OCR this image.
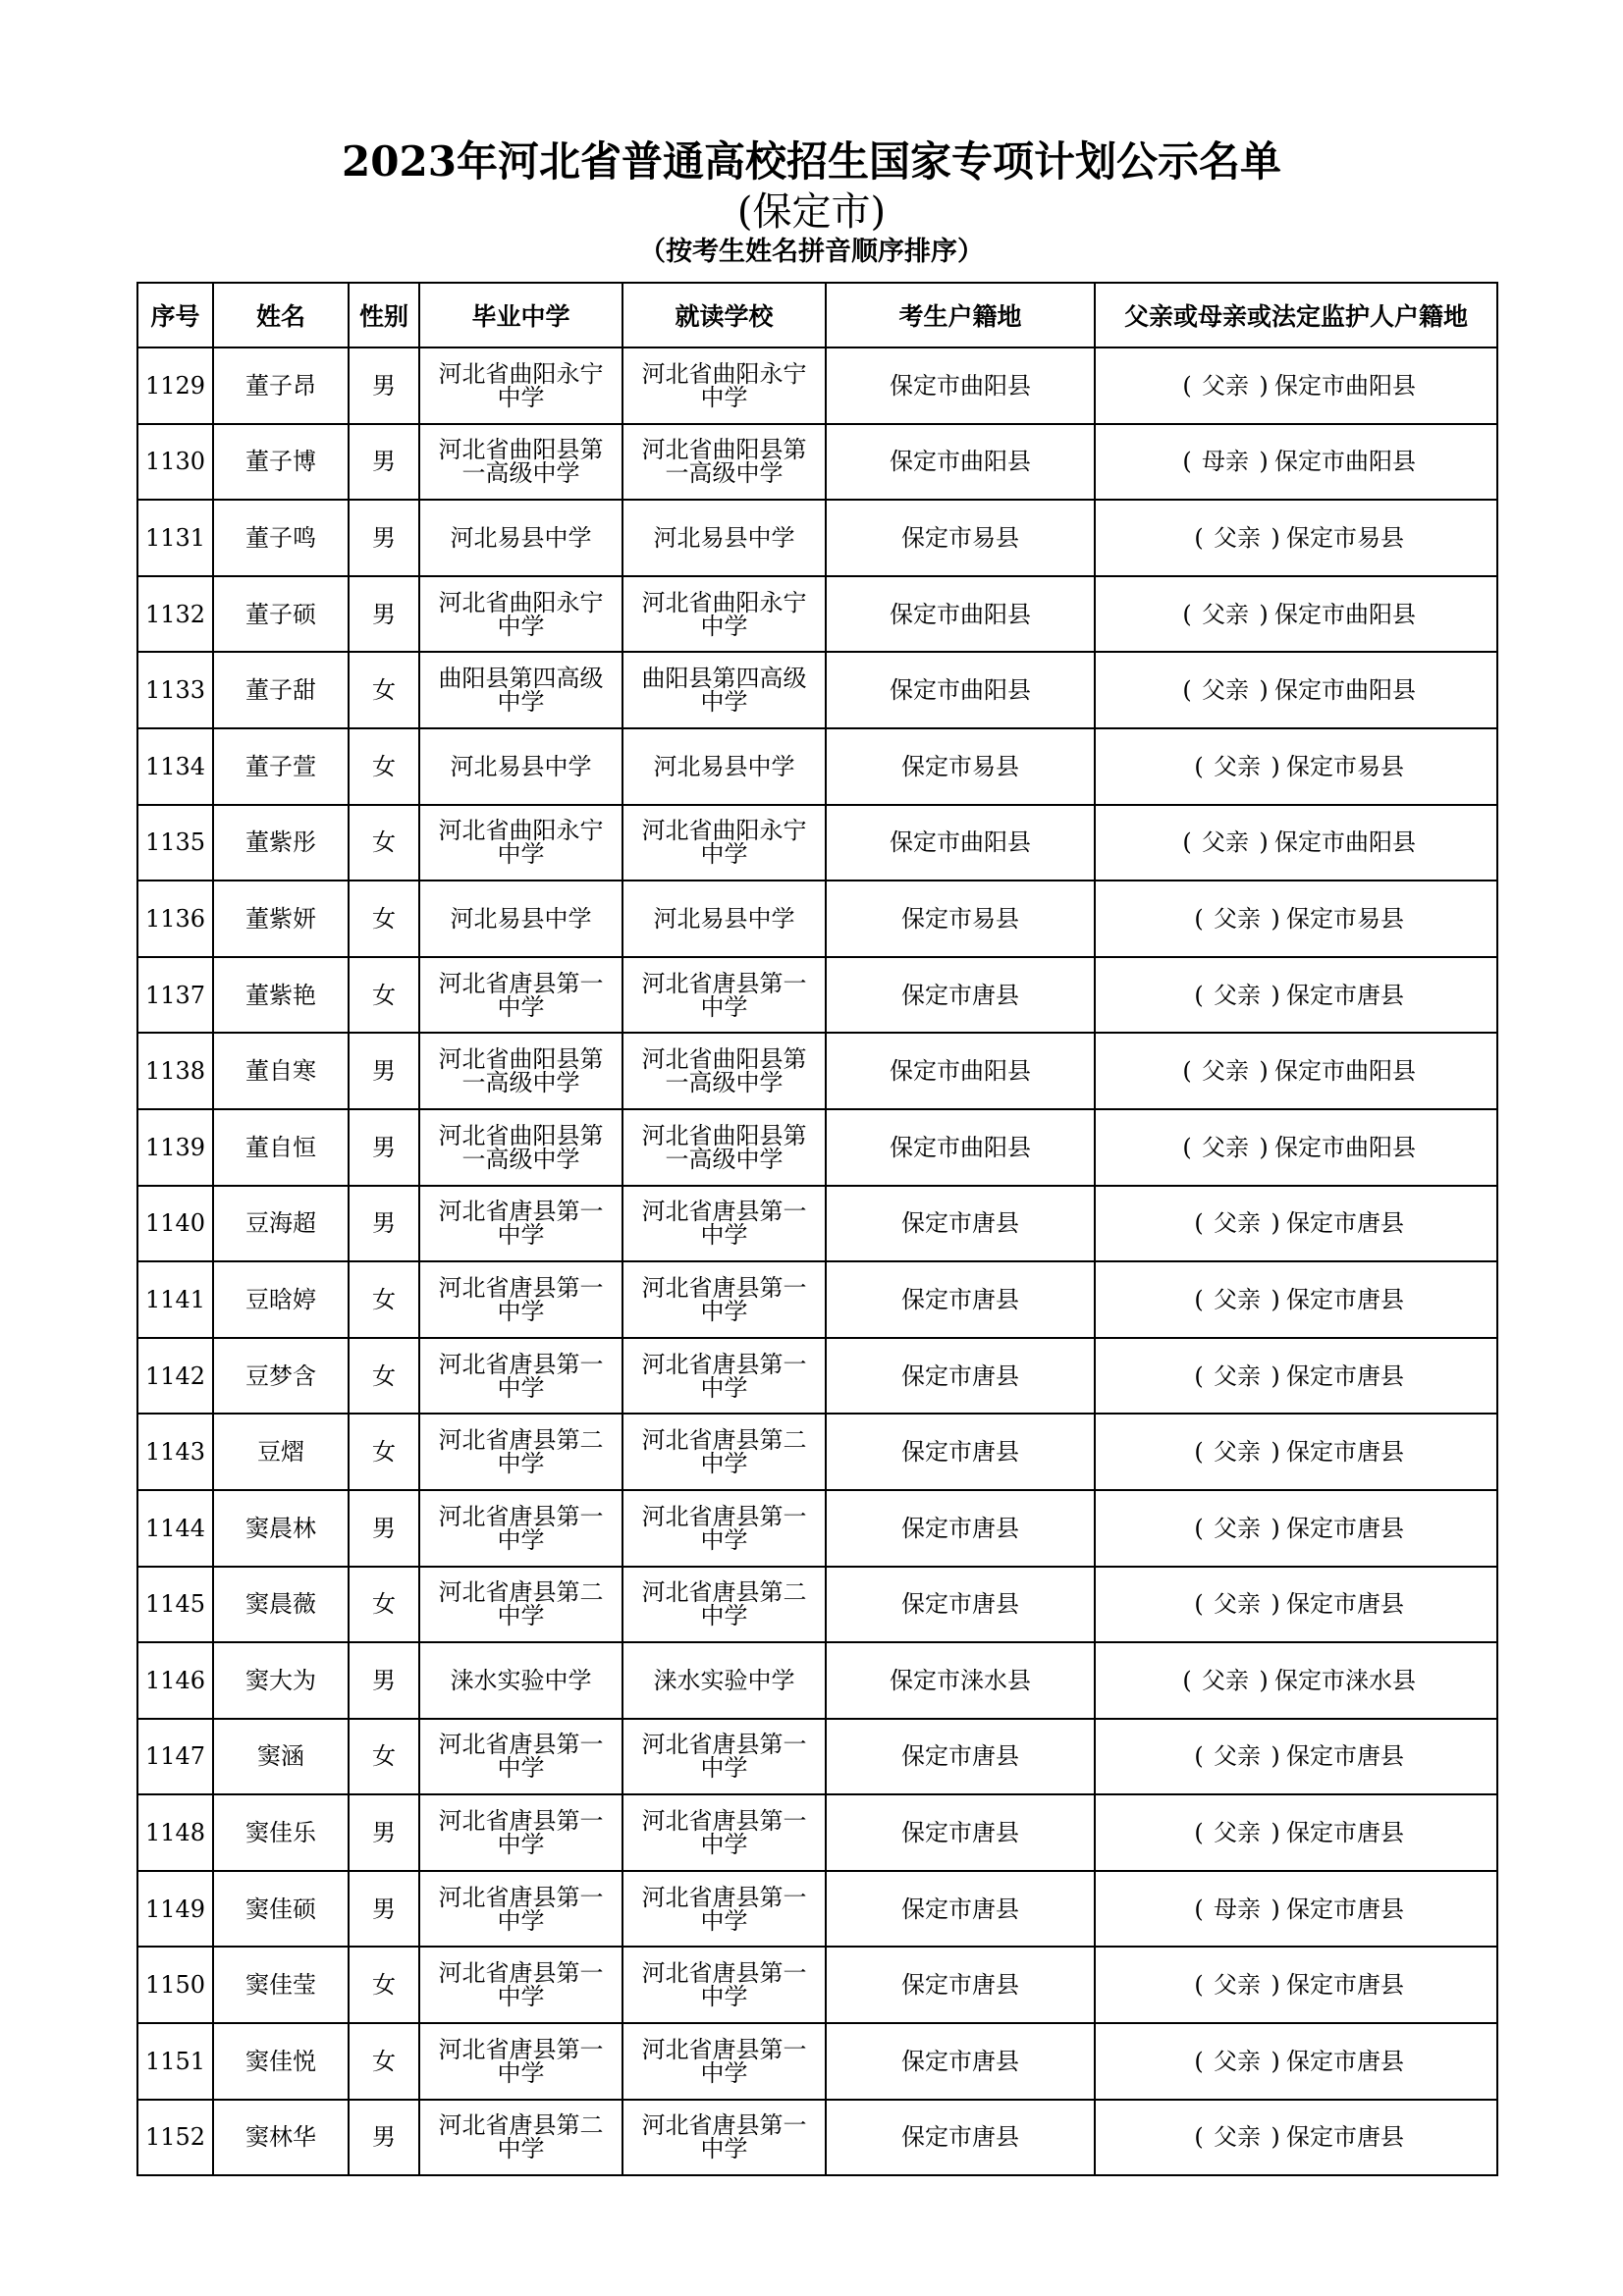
2023年河北省普通高校招生国家专项计划公示名单
(保定市)
（按考生姓名拼音顺序排序）
序号	姓名	性别	毕业中学	就读学校	考生户籍地	父亲或母亲或法定监护人户籍地
1129	董子昂	男	河北省曲阳永宁中学	河北省曲阳永宁中学	保定市曲阳县	( 父亲 ) 保定市曲阳县
1130	董子博	男	河北省曲阳县第一高级中学	河北省曲阳县第一高级中学	保定市曲阳县	( 母亲 ) 保定市曲阳县
1131	董子鸣	男	河北易县中学	河北易县中学	保定市易县	( 父亲 ) 保定市易县
1132	董子硕	男	河北省曲阳永宁中学	河北省曲阳永宁中学	保定市曲阳县	( 父亲 ) 保定市曲阳县
1133	董子甜	女	曲阳县第四高级中学	曲阳县第四高级中学	保定市曲阳县	( 父亲 ) 保定市曲阳县
1134	董子萱	女	河北易县中学	河北易县中学	保定市易县	( 父亲 ) 保定市易县
1135	董紫彤	女	河北省曲阳永宁中学	河北省曲阳永宁中学	保定市曲阳县	( 父亲 ) 保定市曲阳县
1136	董紫妍	女	河北易县中学	河北易县中学	保定市易县	( 父亲 ) 保定市易县
1137	董紫艳	女	河北省唐县第一中学	河北省唐县第一中学	保定市唐县	( 父亲 ) 保定市唐县
1138	董自寒	男	河北省曲阳县第一高级中学	河北省曲阳县第一高级中学	保定市曲阳县	( 父亲 ) 保定市曲阳县
1139	董自恒	男	河北省曲阳县第一高级中学	河北省曲阳县第一高级中学	保定市曲阳县	( 父亲 ) 保定市曲阳县
1140	豆海超	男	河北省唐县第一中学	河北省唐县第一中学	保定市唐县	( 父亲 ) 保定市唐县
1141	豆晗婷	女	河北省唐县第一中学	河北省唐县第一中学	保定市唐县	( 父亲 ) 保定市唐县
1142	豆梦含	女	河北省唐县第一中学	河北省唐县第一中学	保定市唐县	( 父亲 ) 保定市唐县
1143	豆熠	女	河北省唐县第二中学	河北省唐县第二中学	保定市唐县	( 父亲 ) 保定市唐县
1144	窦晨林	男	河北省唐县第一中学	河北省唐县第一中学	保定市唐县	( 父亲 ) 保定市唐县
1145	窦晨薇	女	河北省唐县第二中学	河北省唐县第二中学	保定市唐县	( 父亲 ) 保定市唐县
1146	窦大为	男	涞水实验中学	涞水实验中学	保定市涞水县	( 父亲 ) 保定市涞水县
1147	窦涵	女	河北省唐县第一中学	河北省唐县第一中学	保定市唐县	( 父亲 ) 保定市唐县
1148	窦佳乐	男	河北省唐县第一中学	河北省唐县第一中学	保定市唐县	( 父亲 ) 保定市唐县
1149	窦佳硕	男	河北省唐县第一中学	河北省唐县第一中学	保定市唐县	( 母亲 ) 保定市唐县
1150	窦佳莹	女	河北省唐县第一中学	河北省唐县第一中学	保定市唐县	( 父亲 ) 保定市唐县
1151	窦佳悦	女	河北省唐县第一中学	河北省唐县第一中学	保定市唐县	( 父亲 ) 保定市唐县
1152	窦林华	男	河北省唐县第二中学	河北省唐县第一中学	保定市唐县	( 父亲 ) 保定市唐县
